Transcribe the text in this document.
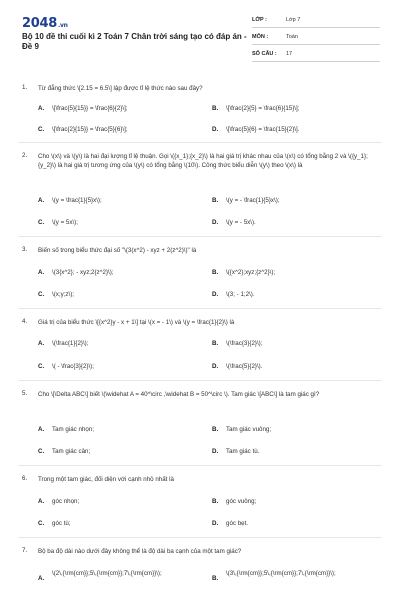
2048.vn
Bộ 10 đề thi cuối kì 2 Toán 7 Chân trời sáng tạo có đáp án - Đề 9
LỚP :	Lớp 7
MÔN :	Toán
SỐ CÂU : 17
1. Từ đẳng thức \[2.15 = 6.5\] lập được tỉ lệ thức nào sau đây?
A. \[\frac{5}{15}} = \frac{6}{2}\];	B. \[\frac{2}{5} = \frac{6}{15}\];
C. \[\frac{2}{15}} = \frac{5}{6}\];	D. \[\frac{5}{6} = \frac{15}{2}\].
2. Cho \(x\) và \(y\) là hai đại lượng tỉ lệ thuận. Gọi \({x_1};{x_2}\) là hai giá trị khác nhau của \(x\) có tổng bằng 2 và \({y_1};{y_2}\) là hai giá trị tương ứng của \(y\) có tổng bằng \(10\). Công thức biểu diễn \(y\) theo \(x\) là
A. \(y = \frac{1}{5}x\);	B. \(y = - \frac{1}{5}x\);
C. \(y = 5x\);	D. \(y = - 5x\).
3. Biến số trong biểu thức đại số "\(3(x^2) - xyz + 2(z^2)\)" là
A. \(3{x^2}; - xyz;2{z^2}\);	B. \({x^2};xyz;{z^2}\);
C. \(x;y;z\);	D. \(3; - 1;2\).
4. Giá trị của biểu thức \[{x^2}y - x + 1\] tại \(x = - 1\) và \(y = \frac{1}{2}\) là
A. \(\frac{1}{2}\);	B. \(\frac{3}{2}\);
C. \( - \frac{3}{2}\);	D. \(\frac{5}{2}\).
5. Cho \[\Delta ABC\] biết \(\widehat A = 40^\circ ,\widehat B = 50^\circ \). Tam giác \[ABC\] là tam giác gì?
A. Tam giác nhọn;	B. Tam giác vuông;
C. Tam giác cân;	D. Tam giác tù.
6. Trong một tam giác, đối diện với cạnh nhỏ nhất là
A. góc nhọn;	B. góc vuông;
C. góc tù;	D. góc bẹt.
7. Bộ ba độ dài nào dưới đây không thể là độ dài ba cạnh của một tam giác?
A.
\(2\,{\rm{cm}};5\,{\rm{cm}};7\,{\rm{cm}}\);
B.
\(3\,{\rm{cm}};5\,{\rm{cm}};7\,{\rm{cm}}\);
